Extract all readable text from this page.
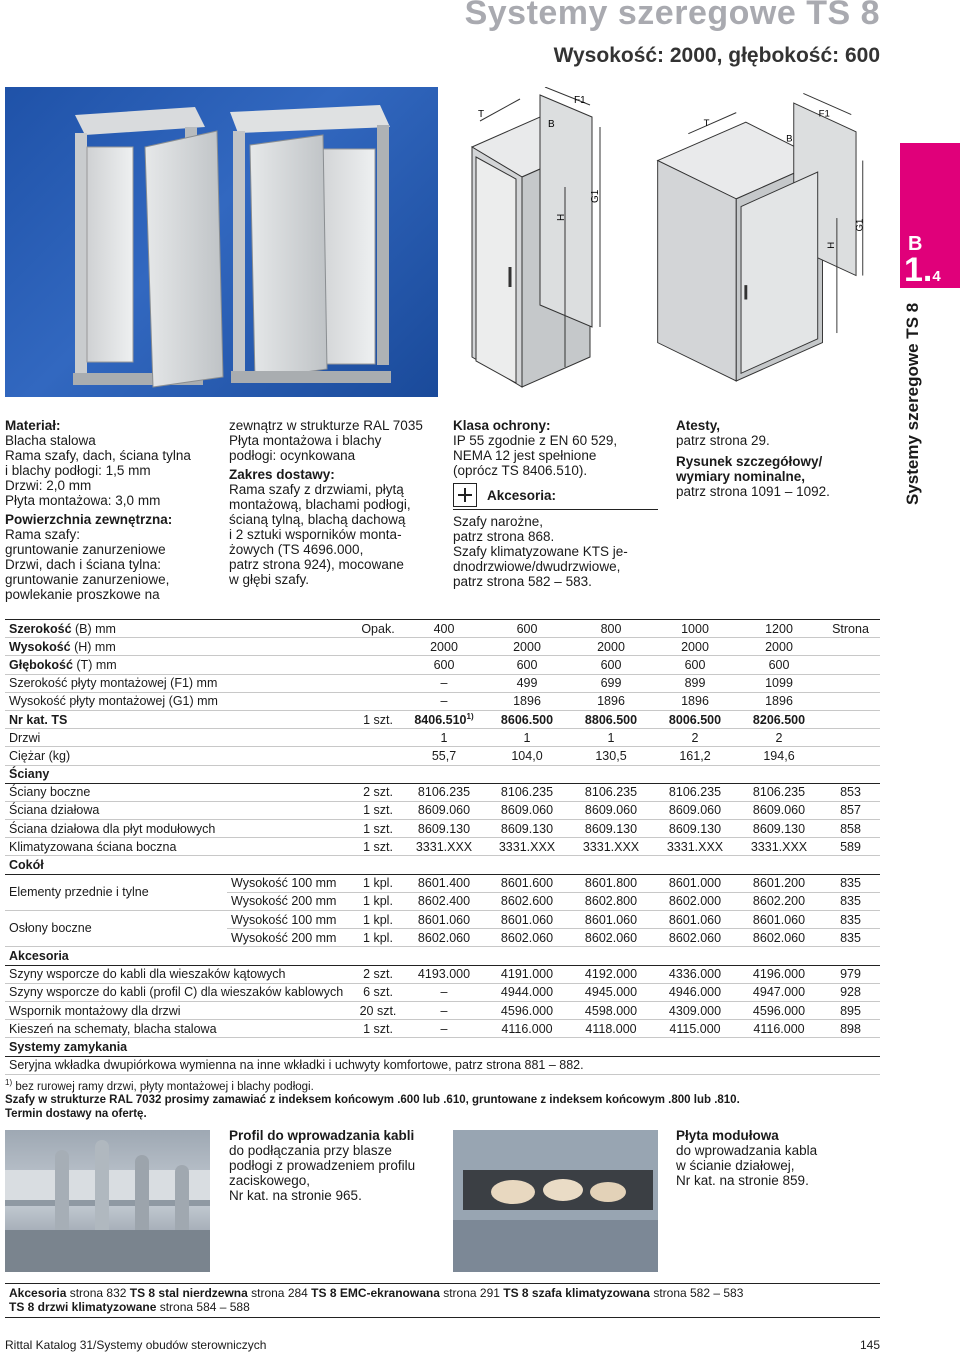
Systemy szeregowe TS 8
Wysokość: 2000, głębokość: 600
T
B
F1
H
G1
T
B
F1
H
G1
B
1.4
Systemy szeregowe TS 8
Materiał:
Blacha stalowa
Rama szafy, dach, ściana tylna
i blachy podłogi: 1,5 mm
Drzwi: 2,0 mm
Płyta montażowa: 3,0 mm
Powierzchnia zewnętrzna:
Rama szafy:
gruntowanie zanurzeniowe
Drzwi, dach i ściana tylna:
gruntowanie zanurzeniowe,
powlekanie proszkowe na
zewnątrz w strukturze RAL 7035
Płyta montażowa i blachy
podłogi: ocynkowana
Zakres dostawy:
Rama szafy z drzwiami, płytą
montażową, blachami podłogi,
ścianą tylną, blachą dachową
i 2 sztuki wsporników monta-
żowych (TS 4696.000,
patrz strona 924), mocowane
w głębi szafy.
Klasa ochrony:
IP 55 zgodnie z EN 60 529,
NEMA 12 jest spełnione
(oprócz TS 8406.510).
Akcesoria:
Szafy narożne,
patrz strona 868.
Szafy klimatyzowane KTS je-
dnodrzwiowe/dwudrzwiowe,
patrz strona 582 – 583.
Atesty,
patrz strona 29.
Rysunek szczegółowy/
wymiary nominalne,
patrz strona 1091 – 1092.
Szerokość (B) mm		Opak.	400	600	800	1000	1200	Strona
Wysokość (H) mm			2000	2000	2000	2000	2000	
Głębokość (T) mm			600	600	600	600	600	
Szerokość płyty montażowej (F1) mm			–	499	699	899	1099	
Wysokość płyty montażowej (G1) mm			–	1896	1896	1896	1896	
Nr kat. TS		1 szt.	8406.510$^{1)}$	8606.500	8806.500	8006.500	8206.500	
Drzwi			1	1	1	2	2	
Ciężar (kg)			55,7	104,0	130,5	161,2	194,6	
Ściany								
Ściany boczne		2 szt.	8106.235	8106.235	8106.235	8106.235	8106.235	853
Ściana działowa		1 szt.	8609.060	8609.060	8609.060	8609.060	8609.060	857
Ściana działowa dla płyt modułowych		1 szt.	8609.130	8609.130	8609.130	8609.130	8609.130	858
Klimatyzowana ściana boczna		1 szt.	3331.XXX	3331.XXX	3331.XXX	3331.XXX	3331.XXX	589
Cokół								
Elementy przednie i tylne	Wysokość 100 mm	1 kpl.	8601.400	8601.600	8601.800	8601.000	8601.200	835
	Wysokość 200 mm	1 kpl.	8602.400	8602.600	8602.800	8602.000	8602.200	835
Osłony boczne	Wysokość 100 mm	1 kpl.	8601.060	8601.060	8601.060	8601.060	8601.060	835
	Wysokość 200 mm	1 kpl.	8602.060	8602.060	8602.060	8602.060	8602.060	835
Akcesoria								
Szyny wsporcze do kabli dla wieszaków kątowych		2 szt.	4193.000	4191.000	4192.000	4336.000	4196.000	979
Szyny wsporcze do kabli (profil C) dla wieszaków kablowych		6 szt.	–	4944.000	4945.000	4946.000	4947.000	928
Wspornik montażowy dla drzwi		20 szt.	–	4596.000	4598.000	4309.000	4596.000	895
Kieszeń na schematy, blacha stalowa		1 szt.	–	4116.000	4118.000	4115.000	4116.000	898
Systemy zamykania								
Seryjna wkładka dwupiórkowa wymienna na inne wkładki i uchwyty komfortowe, patrz strona 881 – 882.								
$^{1)}$ bez rurowej ramy drzwi, płyty montażowej i blachy podłogi.
Szafy w strukturze RAL 7032 prosimy zamawiać z indeksem końcowym .600 lub .610, gruntowane z indeksem końcowym .800 lub .810.
Termin dostawy na ofertę.
Profil do wprowadzania kabli
do podłączania przy blasze
podłogi z prowadzeniem profilu
zaciskowego,
Nr kat. na stronie 965.
Płyta modułowa
do wprowadzania kabla
w ścianie działowej,
Nr kat. na stronie 859.
Akcesoria strona 832 TS 8 stal nierdzewna strona 284 TS 8 EMC-ekranowana strona 291 TS 8 szafa klimatyzowana strona 582 – 583
TS 8 drzwi klimatyzowane strona 584 – 588
Rittal Katalog 31/Systemy obudów sterowniczych	145
